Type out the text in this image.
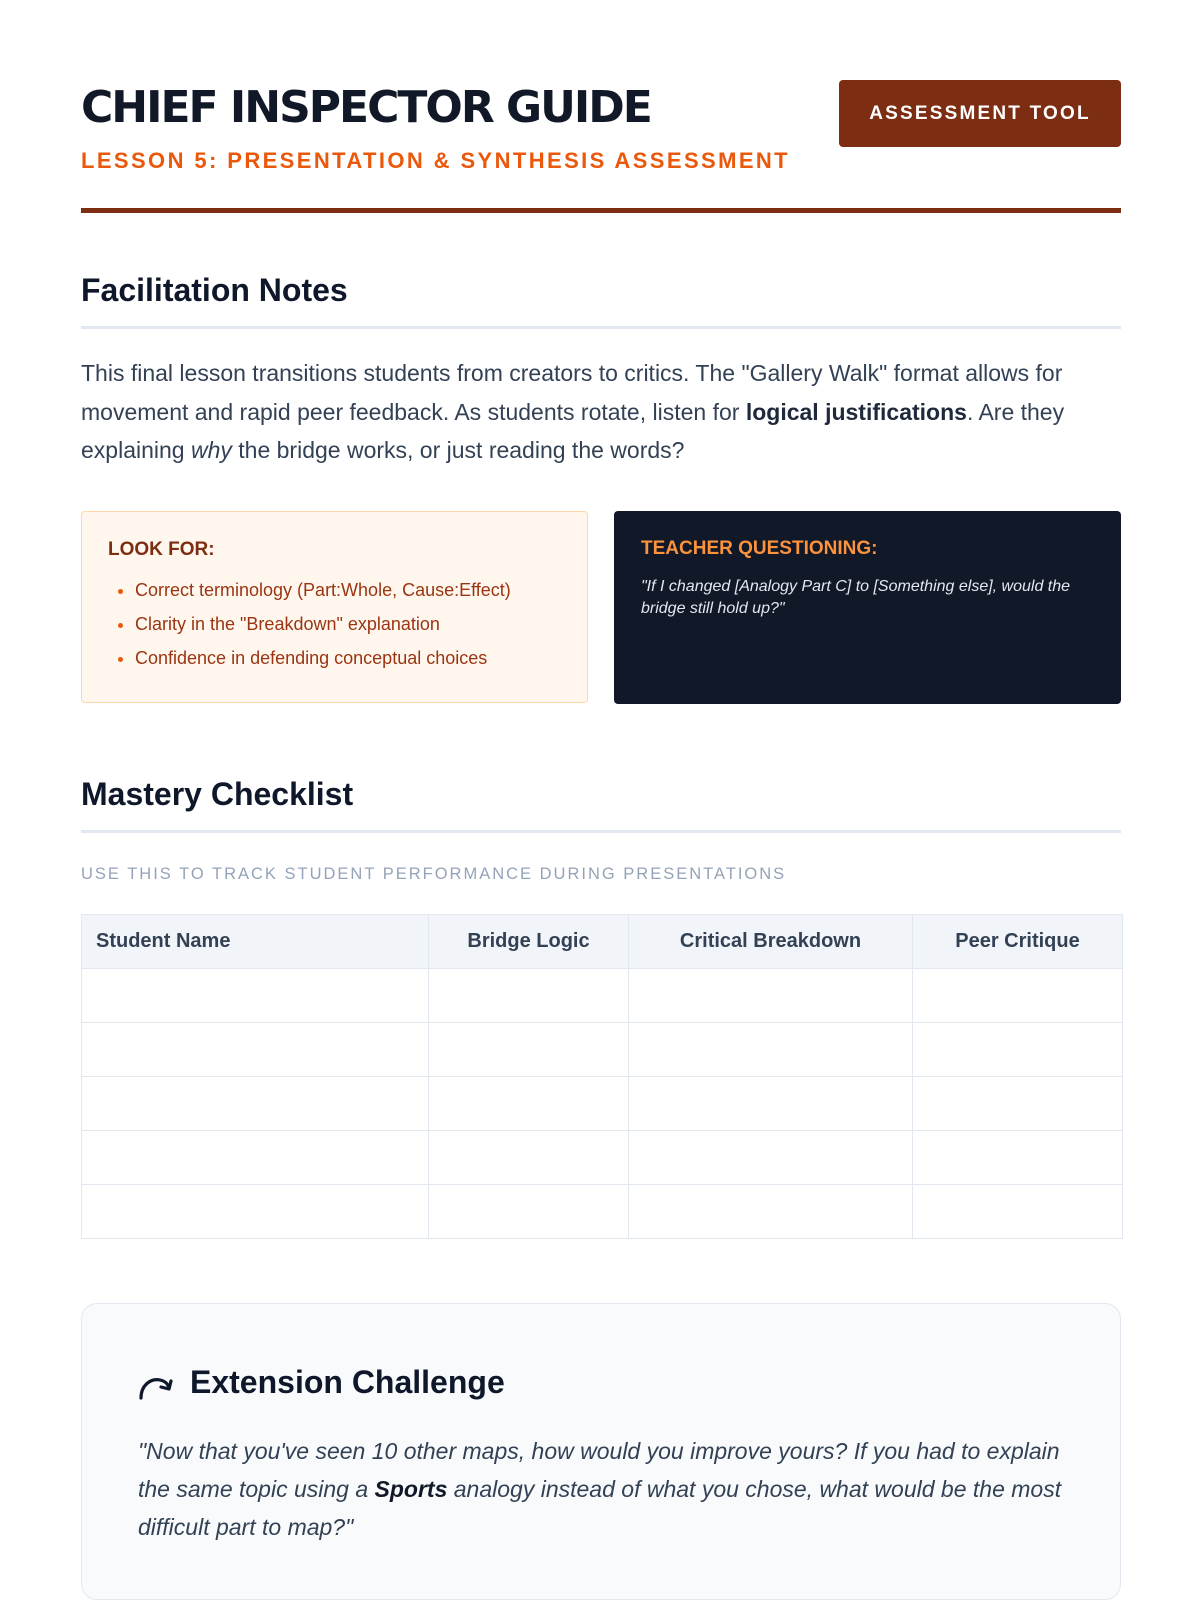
CHIEF INSPECTOR GUIDE
LESSON 5: PRESENTATION & SYNTHESIS ASSESSMENT
ASSESSMENT TOOL
Facilitation Notes

This final lesson transitions students from creators to critics. The "Gallery Walk" format allows for movement and rapid peer feedback. As students rotate, listen for logical justifications. Are they explaining why the bridge works, or just reading the words?

LOOK FOR:
• Correct terminology (Part:Whole, Cause:Effect)
• Clarity in the "Breakdown" explanation
• Confidence in defending conceptual choices
TEACHER QUESTIONING:

"If I changed [Analogy Part C] to [Something else], would the bridge still hold up?"

Mastery Checklist
USE THIS TO TRACK STUDENT PERFORMANCE DURING PRESENTATIONS
Student Name	Bridge Logic	Critical Breakdown	Peer Critique

Extension Challenge

"Now that you've seen 10 other maps, how would you improve yours? If you had to explain the same topic using a Sports analogy instead of what you chose, what would be the most difficult part to map?"
